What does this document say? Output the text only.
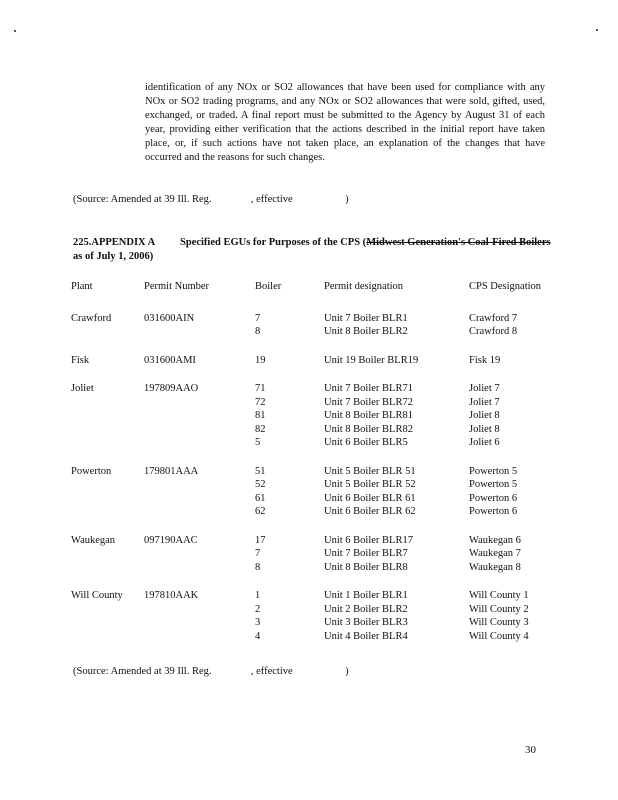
identification of any NOx or SO2 allowances that have been used for compliance with any NOx or SO2 trading programs, and any NOx or SO2 allowances that were sold, gifted, used, exchanged, or traded. A final report must be submitted to the Agency by August 31 of each year, providing either verification that the actions described in the initial report have taken place, or, if such actions have not taken place, an explanation of the changes that have occurred and the reasons for such changes.
(Source: Amended at 39 Ill. Reg.               , effective                    )
225.APPENDIX A Specified EGUs for Purposes of the CPS (Midwest Generation's Coal-Fired Boilers as of July 1, 2006)
Plant	Permit Number	Boiler	Permit designation	CPS Designation
Crawford	031600AIN	7	Unit 7 Boiler BLR1	Crawford 7
		8	Unit 8 Boiler BLR2	Crawford 8

Fisk	031600AMI	19	Unit 19 Boiler BLR19	Fisk 19

Joliet	197809AAO	71	Unit 7 Boiler BLR71	Joliet 7
		72	Unit 7 Boiler BLR72	Joliet 7
		81	Unit 8 Boiler BLR81	Joliet 8
		82	Unit 8 Boiler BLR82	Joliet 8
		5	Unit 6 Boiler BLR5	Joliet 6

Powerton	179801AAA	51	Unit 5 Boiler BLR 51	Powerton 5
		52	Unit 5 Boiler BLR 52	Powerton 5
		61	Unit 6 Boiler BLR 61	Powerton 6
		62	Unit 6 Boiler BLR 62	Powerton 6

Waukegan	097190AAC	17	Unit 6 Boiler BLR17	Waukegan 6
		7	Unit 7 Boiler BLR7	Waukegan 7
		8	Unit 8 Boiler BLR8	Waukegan 8

Will County	197810AAK	1	Unit 1 Boiler BLR1	Will County 1
		2	Unit 2 Boiler BLR2	Will County 2
		3	Unit 3 Boiler BLR3	Will County 3
		4	Unit 4 Boiler BLR4	Will County 4
(Source: Amended at 39 Ill. Reg.               , effective                    )
30
